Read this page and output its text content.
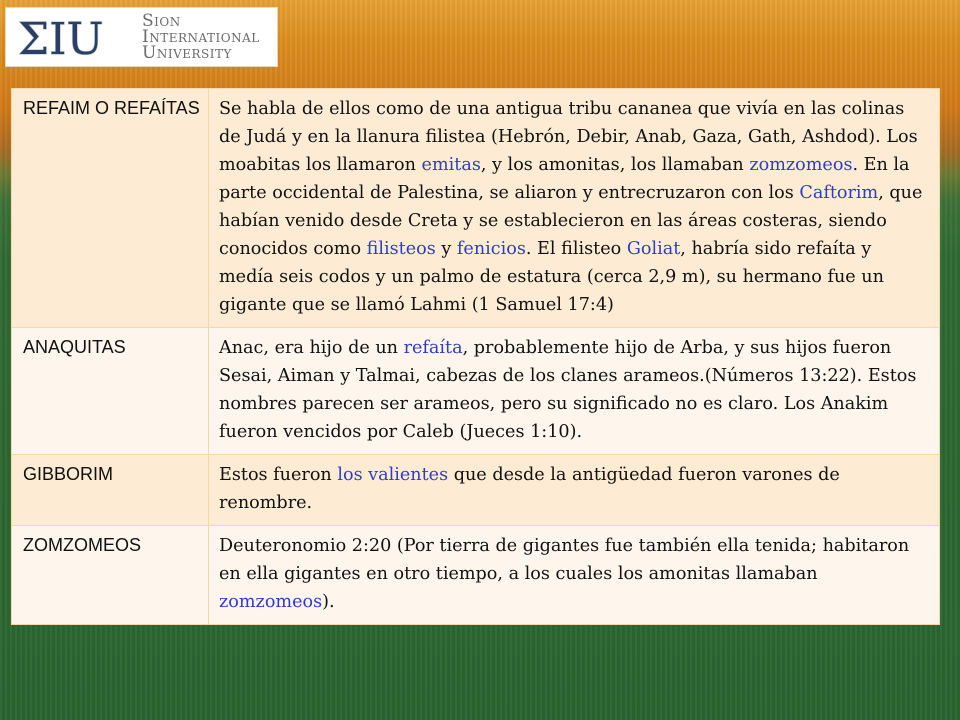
ΣIU Sion
International
University
REFAIM O REFAÍTAS	Se habla de ellos como de una antigua tribu cananea que vivía en las colinas de Judá y en la llanura filistea (Hebrón, Debir, Anab, Gaza, Gath, Ashdod). Los moabitas los llamaron emitas, y los amonitas, los llamaban zomzomeos. En la parte occidental de Palestina, se aliaron y entrecruzaron con los Caftorim, que habían venido desde Creta y se establecieron en las áreas costeras, siendo conocidos como filisteos y fenicios. El filisteo Goliat, habría sido refaíta y medía seis codos y un palmo de estatura (cerca 2,9 m), su hermano fue un gigante que se llamó Lahmi (1 Samuel 17:4)
ANAQUITAS	Anac, era hijo de un refaíta, probablemente hijo de Arba, y sus hijos fueron Sesai, Aiman y Talmai, cabezas de los clanes arameos.(Números 13:22). Estos nombres parecen ser arameos, pero su significado no es claro. Los Anakim fueron vencidos por Caleb (Jueces 1:10).
GIBBORIM	Estos fueron los valientes que desde la antigüedad fueron varones de renombre.
ZOMZOMEOS	Deuteronomio 2:20 (Por tierra de gigantes fue también ella tenida; habitaron en ella gigantes en otro tiempo, a los cuales los amonitas llamaban zomzomeos).
